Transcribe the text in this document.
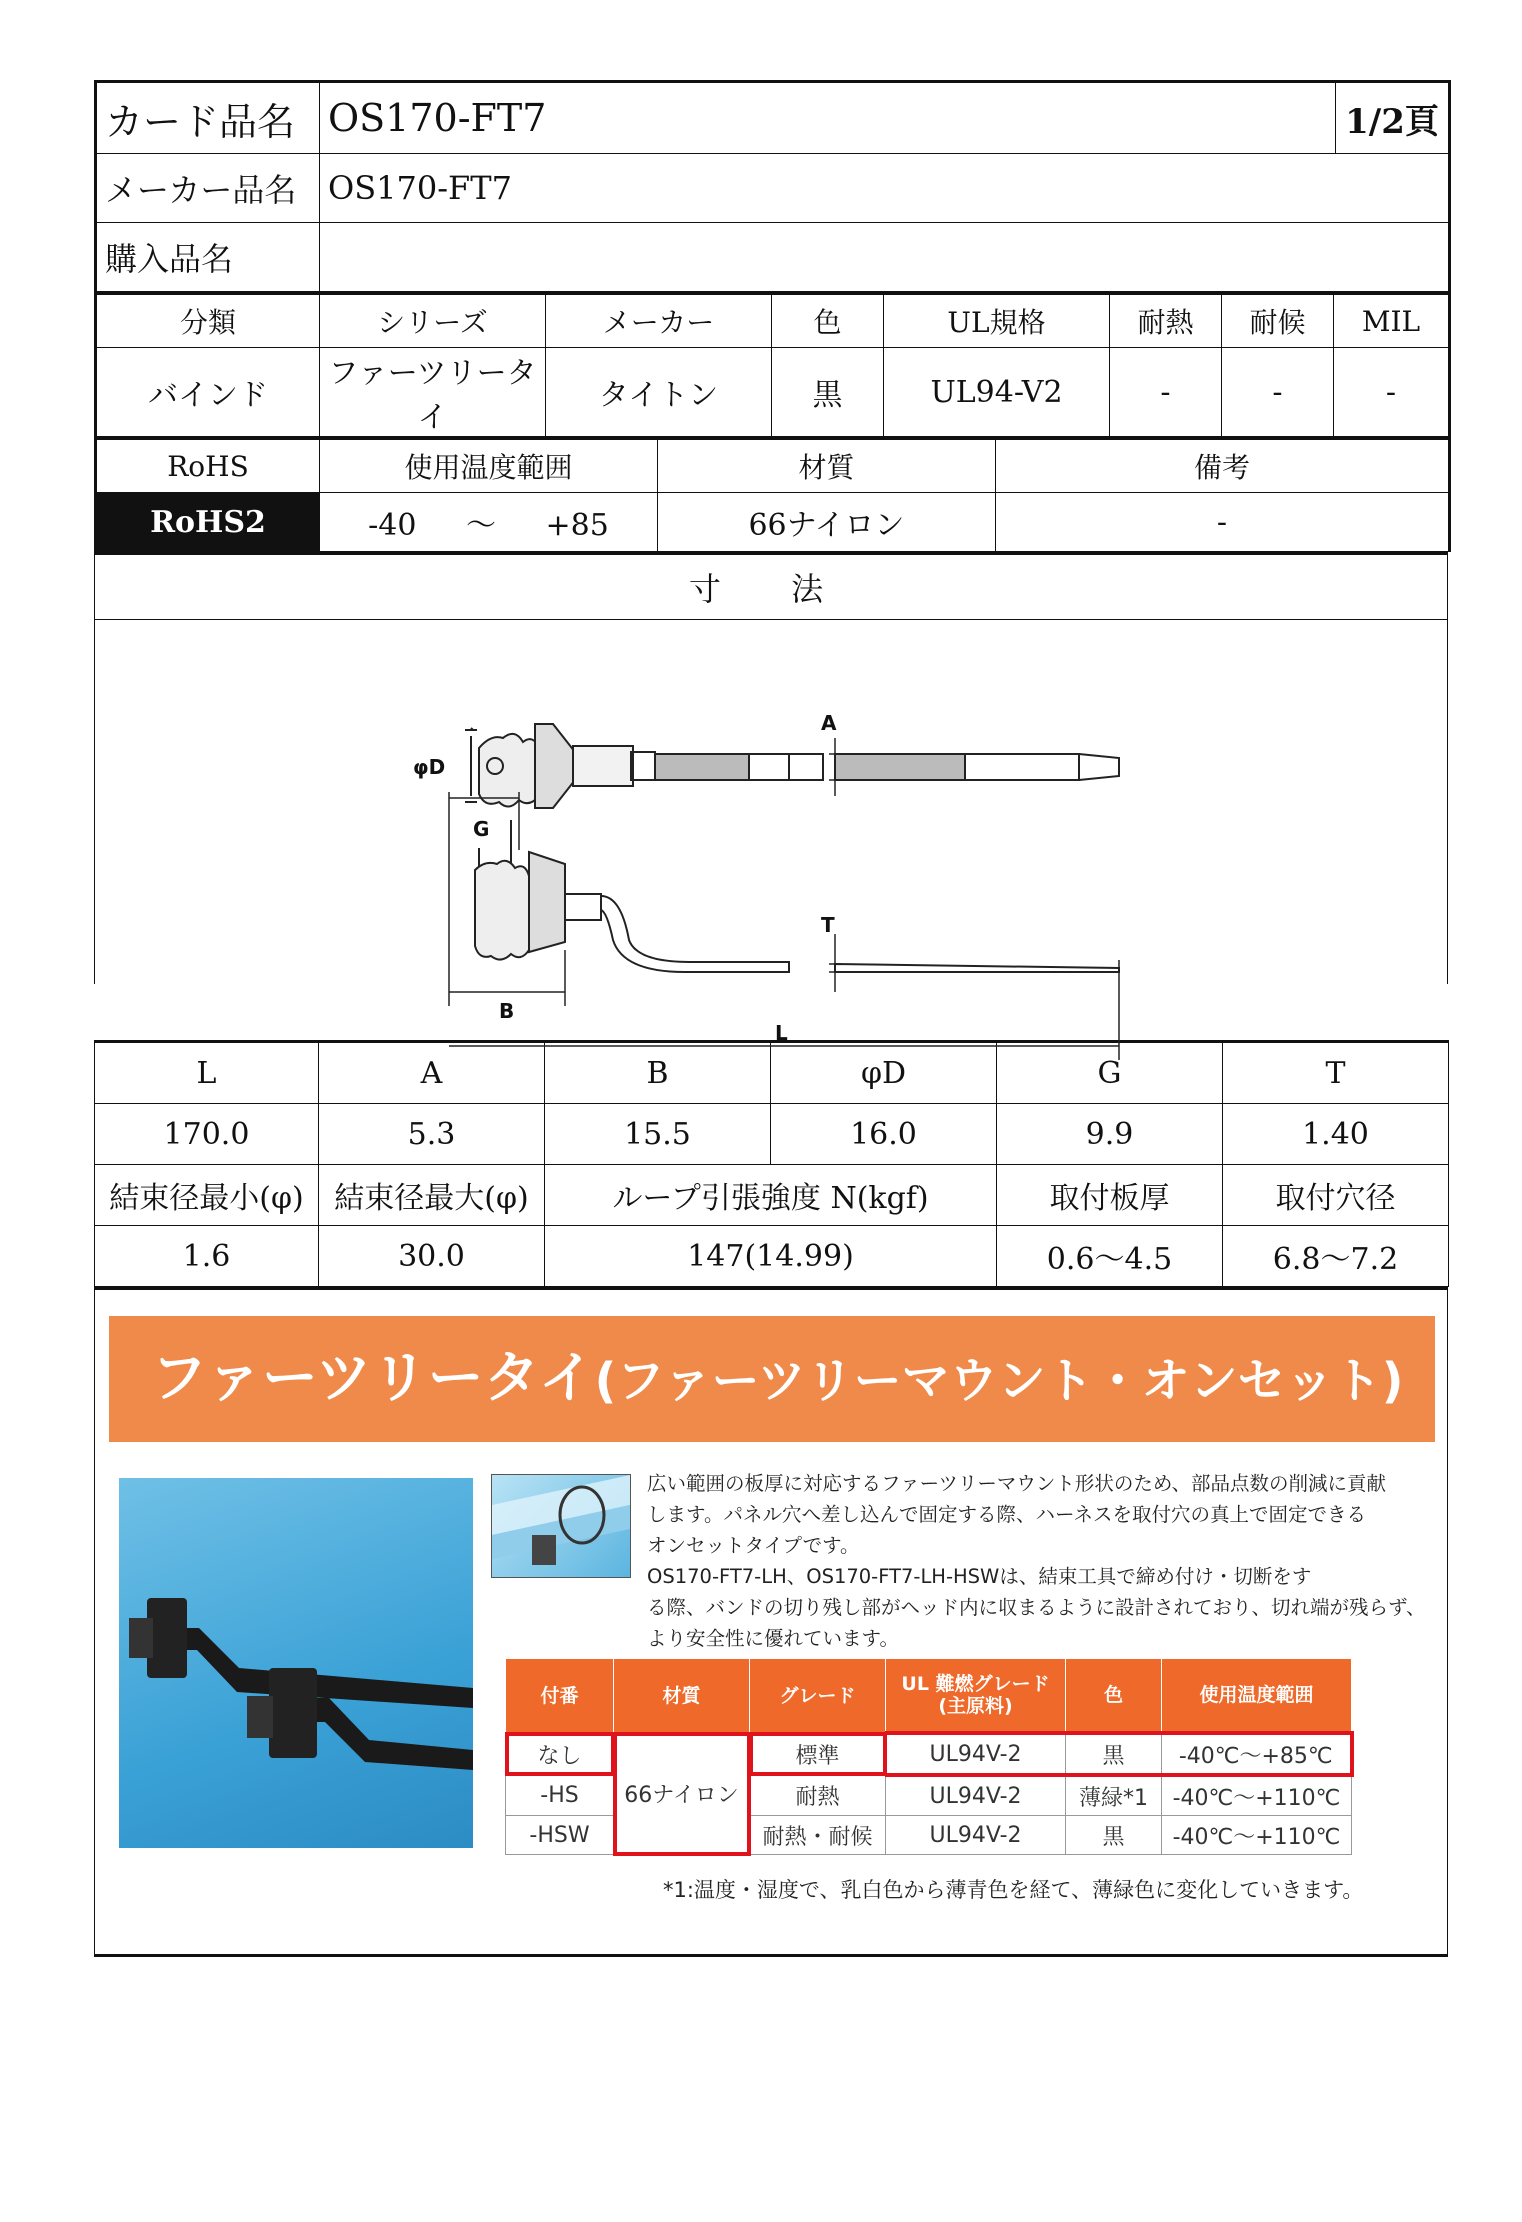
カード品名	OS170-FT7	1/2頁
メーカー品名	OS170-FT7	
購入品名		
分類	シリーズ	メーカー	色	UL規格	耐熱	耐候	MIL
バインド	ファーツリータイ	タイトン	黒	UL94-V2	-	-	-
RoHS	使用温度範囲	材質	備考
RoHS2	-40 ～ +85	66ナイロン	-
寸 法
φD
A
G
T
B
L
L	A	B	φD	G	T
170.0	5.3	15.5	16.0	9.9	1.40
結束径最小(φ)	結束径最大(φ)	ループ引張強度 N(kgf)		取付板厚	取付穴径
1.6	30.0	147(14.99)		0.6～4.5	6.8～7.2
ファーツリータイ(ファーツリーマウント・オンセット)

広い範囲の板厚に対応するファーツリーマウント形状のため、部品点数の削減に貢献

します。パネル穴へ差し込んで固定する際、ハーネスを取付穴の真上で固定できる

オンセットタイプです。

OS170-FT7-LH、OS170-FT7-LH-HSWは、結束工具で締め付け・切断をす

る際、バンドの切り残し部がヘッド内に収まるように設計されており、切れ端が残らず、

より安全性に優れています。

付番	材質	グレード	UL 難燃グレード
(主原料)	色	使用温度範囲
なし	66ナイロン	標準	UL94V-2	黒	-40℃～+85℃
-HS		耐熱	UL94V-2	薄緑*1	-40℃～+110℃
-HSW		耐熱・耐候	UL94V-2	黒	-40℃～+110℃
*1:温度・湿度で、乳白色から薄青色を経て、薄緑色に変化していきます。
